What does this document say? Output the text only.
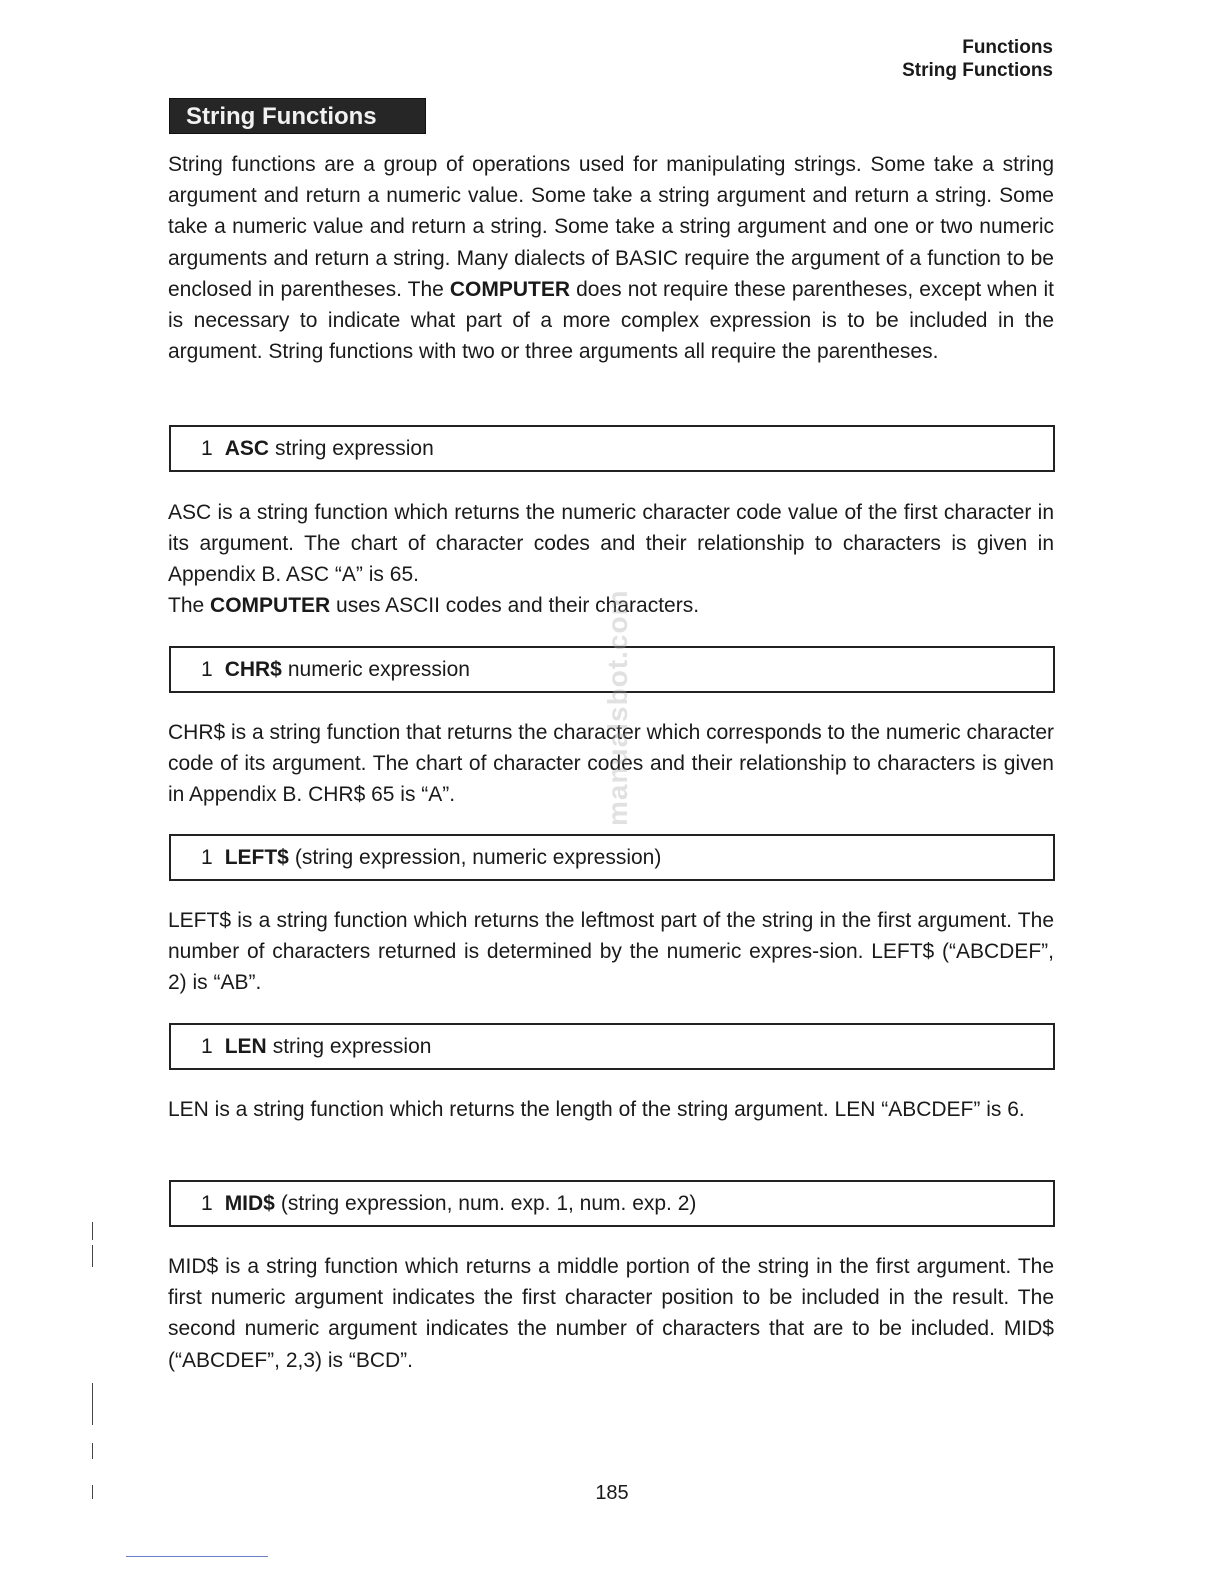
Functions
String Functions
String Functions

String functions are a group of operations used for manipulating strings. Some take a string argument and return a numeric value. Some take a string argument and return a string. Some take a numeric value and return a string. Some take a string argument and one or two numeric arguments and return a string. Many dialects of BASIC require the argument of a function to be enclosed in parentheses. The COMPUTER does not require these parentheses, except when it is necessary to indicate what part of a more complex expression is to be included in the argument. String functions with two or three arguments all require the parentheses.

1 ASC string expression

ASC is a string function which returns the numeric character code value of the first character in its argument. The chart of character codes and their relationship to characters is given in Appendix B. ASC “A” is 65.

The COMPUTER uses ASCII codes and their characters.

1 CHR$ numeric expression

CHR$ is a string function that returns the character which corresponds to the numeric character code of its argument. The chart of character codes and their relationship to characters is given in Appendix B. CHR$ 65 is “A”.

1 LEFT$ (string expression, numeric expression)

LEFT$ is a string function which returns the leftmost part of the string in the first argument. The number of characters returned is determined by the numeric expres-sion. LEFT$ (“ABCDEF”, 2) is “AB”.

1 LEN string expression

LEN is a string function which returns the length of the string argument. LEN “ABCDEF” is 6.

1 MID$ (string expression, num. exp. 1, num. exp. 2)

MID$ is a string function which returns a middle portion of the string in the first argument. The first numeric argument indicates the first character position to be included in the result. The second numeric argument indicates the number of characters that are to be included. MID$ (“ABCDEF”, 2,3) is “BCD”.

manualsbot.com
185
